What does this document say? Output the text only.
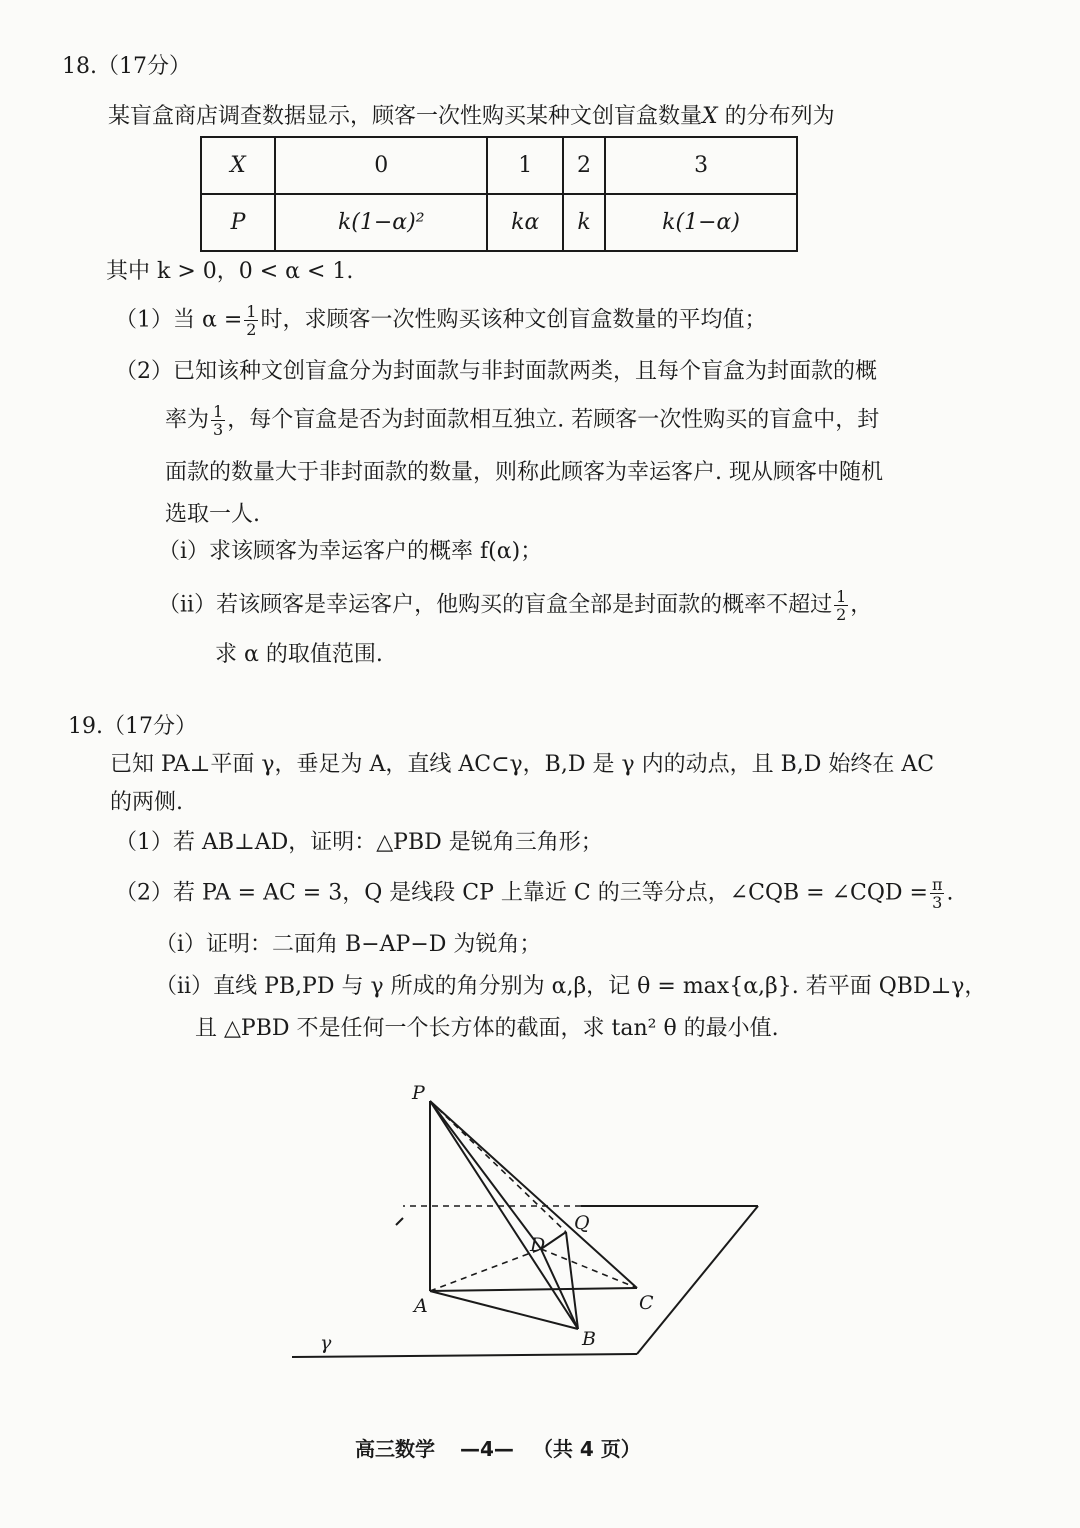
18.（17分）
某盲盒商店调查数据显示，顾客一次性购买某种文创盲盒数量X 的分布列为
X	0	1	2	3
P	k(1−α)²	kα	k	k(1−α)
其中 k > 0，0 < α < 1.
（1）当 $\alpha = \frac{1}{2}$ 时，求顾客一次性购买该种文创盲盒数量的平均值；
（2）已知该种文创盲盒分为封面款与非封面款两类，且每个盲盒为封面款的概
率为 $\frac{1}{3}$ ，每个盲盒是否为封面款相互独立. 若顾客一次性购买的盲盒中，封
面款的数量大于非封面款的数量，则称此顾客为幸运客户. 现从顾客中随机
选取一人.
（i）求该顾客为幸运客户的概率 f(α)；
（ii）若该顾客是幸运客户，他购买的盲盒全部是封面款的概率不超过 $\frac{1}{2}$ ，
求 α 的取值范围.
19.（17分）
已知 PA⊥平面 γ，垂足为 A，直线 AC⊂γ，B,D 是 γ 内的动点，且 B,D 始终在 AC
的两侧.
（1）若 AB⊥AD，证明：△PBD 是锐角三角形；
（2）若 PA = AC = 3，Q 是线段 CP 上靠近 C 的三等分点，∠CQB = ∠CQD = $\frac{\pi}{3}$ .
（i）证明：二面角 B−AP−D 为锐角；
（ii）直线 PB,PD 与 γ 所成的角分别为 α,β，记 θ = max{α,β}. 若平面 QBD⊥γ，
且 △PBD 不是任何一个长方体的截面，求 tan² θ 的最小值.
P
Q
D
A
B
C
γ
高三数学 —4— （共 4 页）
